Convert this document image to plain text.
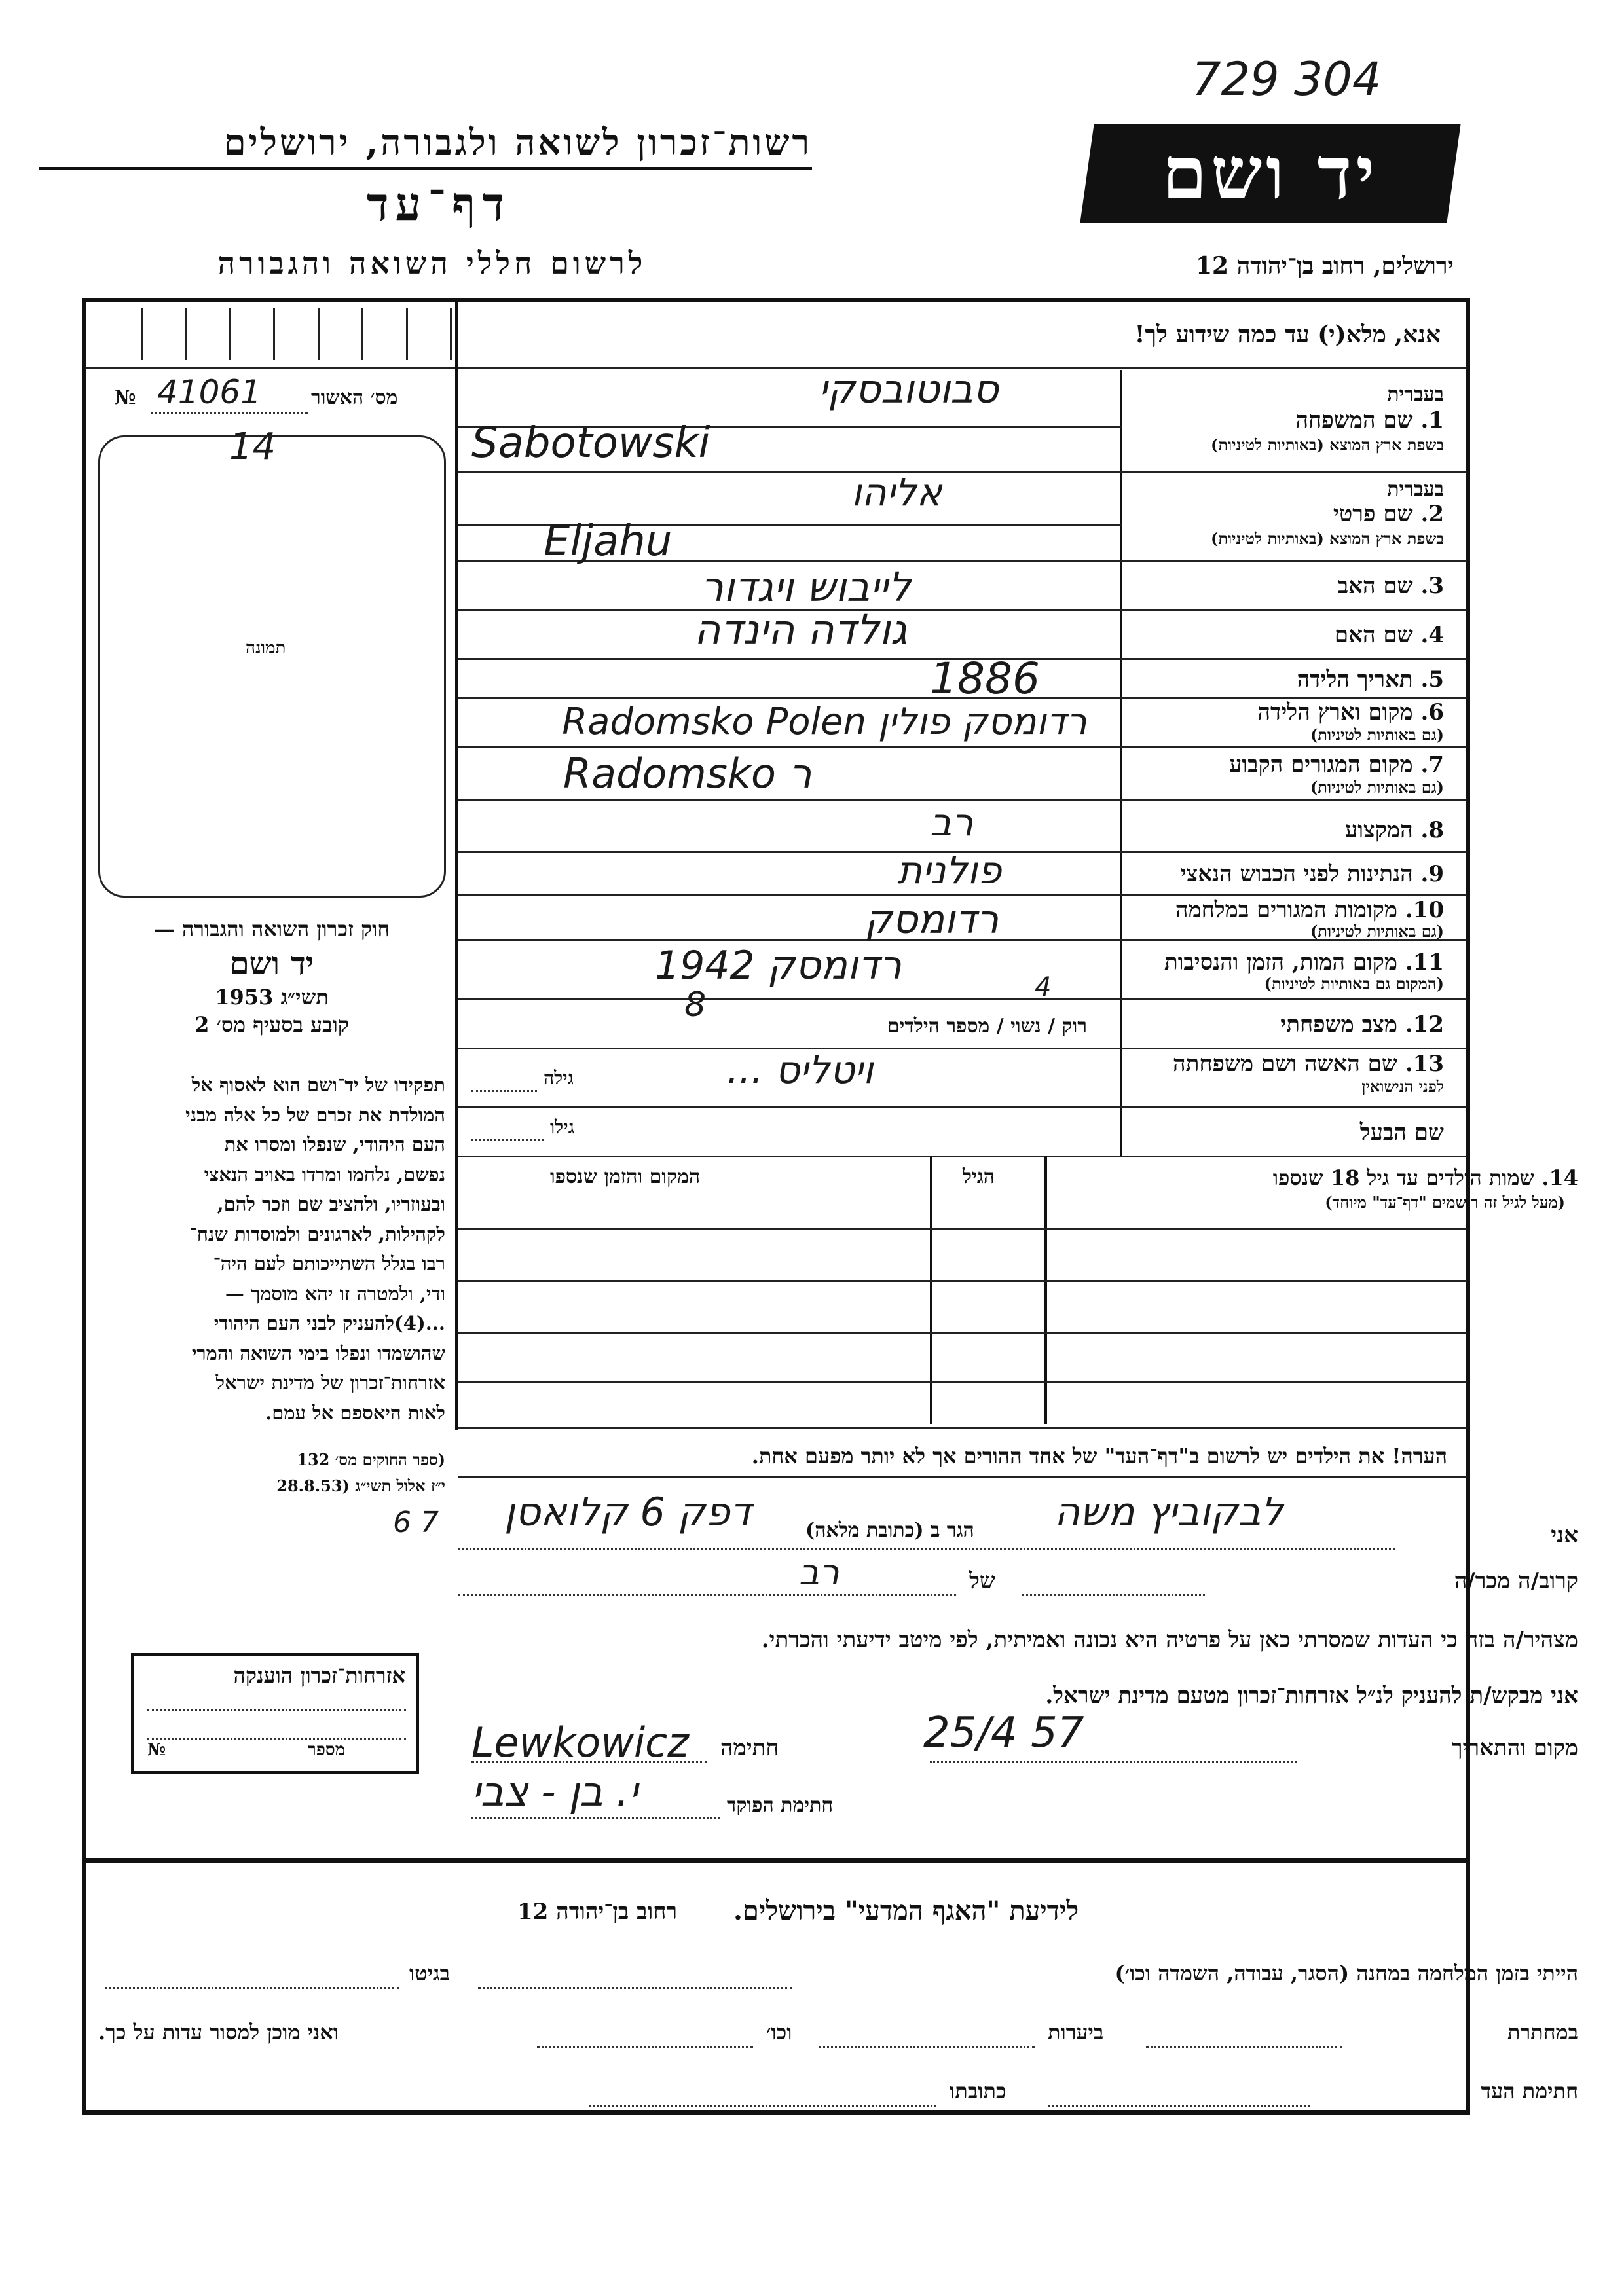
רשות־זכרון לשואה ולגבורה, ירושלים
דף־עד
לרשום חללי השואה והגבורה
729 304
יד ושם
ירושלים, רחוב בן־יהודה 12
אנא, מלא(י) עד כמה שידוע לך!
מס׳ האשור
№ 41061
14
תמונה
חוק זכרון השואה והגבורה —
יד ושם
תשי״ג 1953
קובע בסעיף מס׳ 2
תפקידו של יד־ושם הוא לאסוף אל
המולדת את זכרם של כל אלה מבני
העם היהודי, שנפלו ומסרו את
נפשם, נלחמו ומרדו באויב הנאצי
ובעוזריו, ולהציב שם וזכר להם,
לקהילות, לארגונים ולמוסדות שנח־
רבו בגלל השתייכותם לעם היה־
ודי, ולמטרה זו יהא מוסמך —
...(4)להעניק לבני העם היהודי
שהושמדו ונפלו בימי השואה והמרי
אזרחות־זכרון של מדינת ישראל
לאות היאספם אל עמם.
(ספר החוקים מס׳ 132
י״ז אלול תשי״ג (28.8.53
בעברית
1. שם המשפחה
בשפת ארץ המוצא (באותיות לטיניות)
סבוטובסקי
Sabotowski
בעברית
2. שם פרטי
בשפת ארץ המוצא (באותיות לטיניות)
אליהו
Eljahu
3. שם האב
לייבוש ויגדור
4. שם האם
גולדה הינדה
5. תאריך הלידה
1886
6. מקום וארץ הלידה
(גם באותיות לטיניות)
רדומסק פולין Radomsko Polen
7. מקום המגורים הקבוע
(גם באותיות לטיניות)
Radomsko ר
8. המקצוע
רב
9. הנתינות לפני הכבוש הנאצי
פולנית
10. מקומות המגורים במלחמה
(גם באותיות לטיניות)
רדומסק
11. מקום המות, הזמן והנסיבות
(המקום גם באותיות לטיניות)
רדומסק 1942	4
12. מצב משפחתי
רוק / נשוי / מספר הילדים
8
13. שם האשה ושם משפחתה
לפני הנישואין
ויטליס ...
גילה
שם הבעל
גילו
14. שמות הילדים עד גיל 18 שנספו
(מעל לגיל זה רושמים "דף־עד" מיוחד)
הגיל
המקום והזמן שנספו
הערה! את הילדים יש לרשום ב"דף־העד" של אחד ההורים אך לא יותר מפעם אחת.
אני
לבקוביץ משה
הגר ב (כתובת מלאה)
דפק 6 קלואסן
6 7
קרוב/ה מכר/ה
של
רב
מצהיר/ה בזה כי העדות שמסרתי כאן על פרטיה היא נכונה ואמיתית, לפי מיטב ידיעתי והכרתי.
אני מבקש/ת להעניק לנ״ל אזרחות־זכרון מטעם מדינת ישראל.
מקום והתאריך
25/4 57
חתימה
Lewkowicz
חתימת הפוקד
י. בן - צבי
אזרחות־זכרון הוענקה
מספר
№
לידיעת "האגף המדעי" בירושלים.
רחוב בן־יהודה 12
הייתי בזמן המלחמה במחנה (הסגר, עבודה, השמדה וכו׳)
בגיטו
במחתרת
ביערות
וכו׳
ואני מוכן למסור עדות על כך.
חתימת העד
כתובתו
